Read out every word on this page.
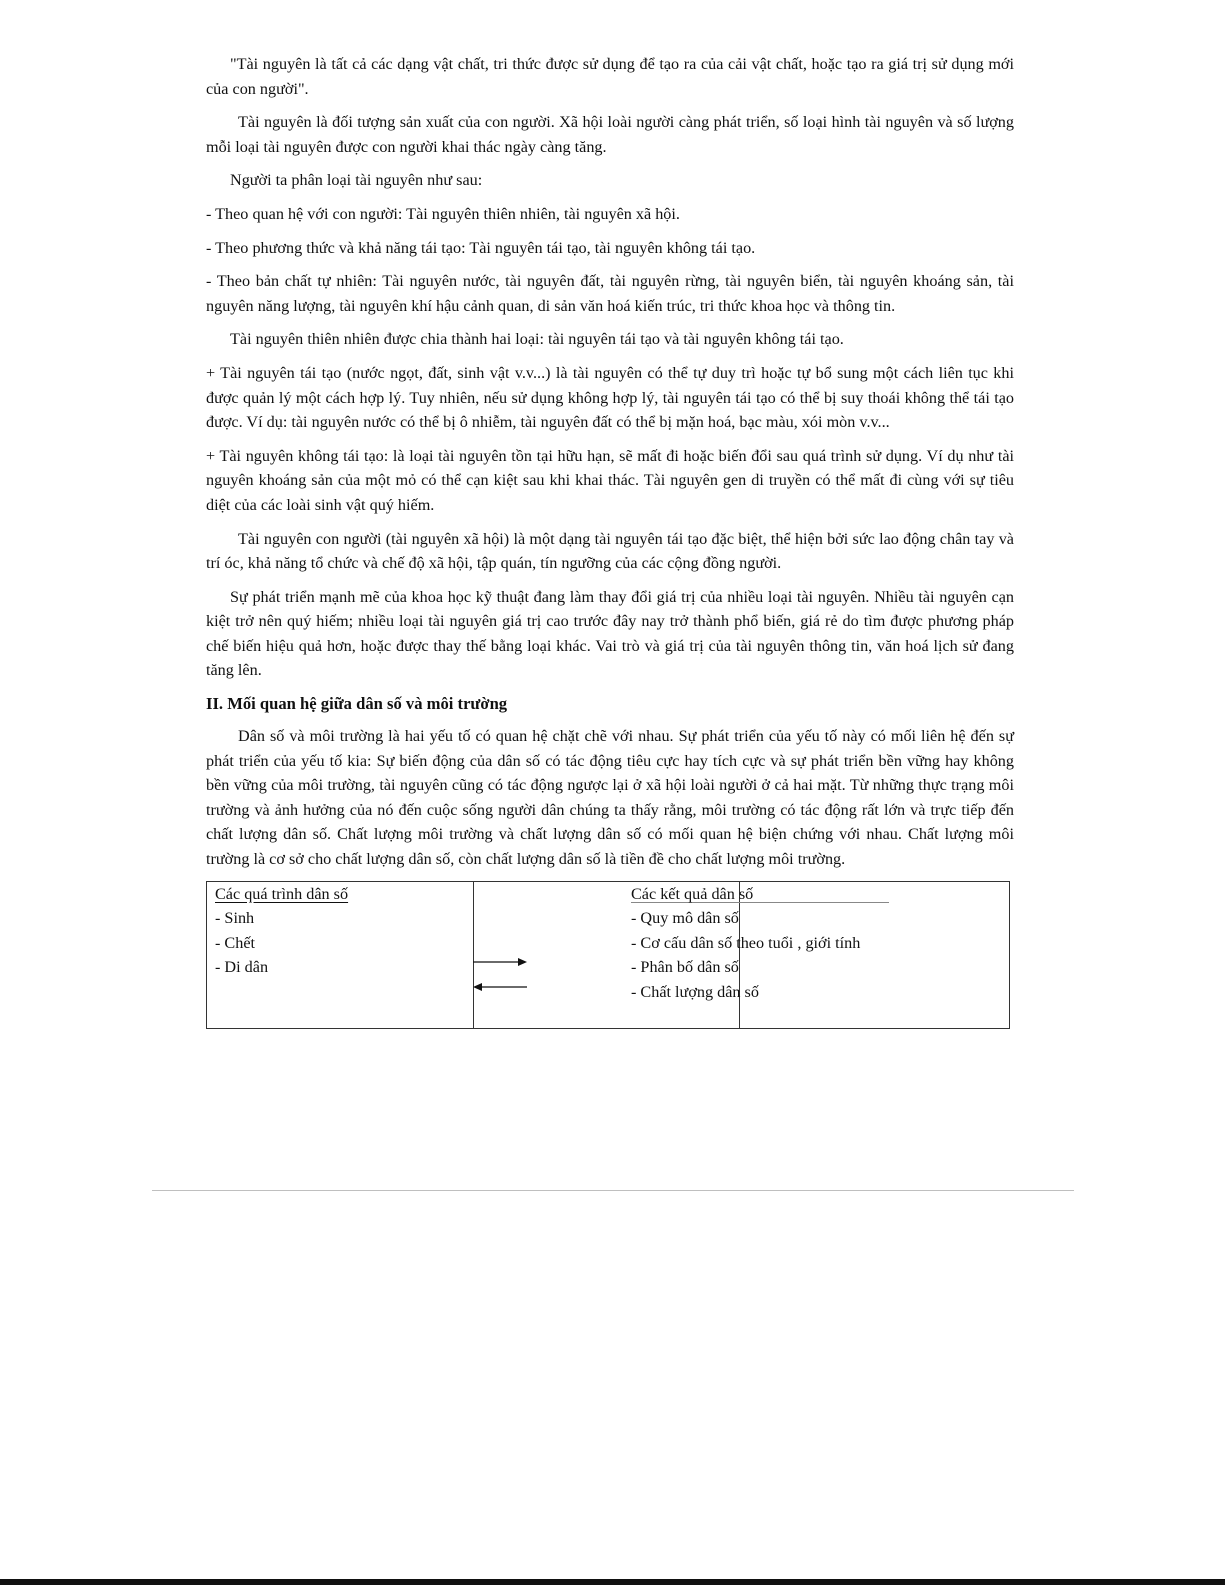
"Tài nguyên là tất cả các dạng vật chất, tri thức được sử dụng để tạo ra của cải vật chất, hoặc tạo ra giá trị sử dụng mới của con người".

Tài nguyên là đối tượng sản xuất của con người. Xã hội loài người càng phát triển, số loại hình tài nguyên và số lượng mỗi loại tài nguyên được con người khai thác ngày càng tăng.

Người ta phân loại tài nguyên như sau:

- Theo quan hệ với con người: Tài nguyên thiên nhiên, tài nguyên xã hội.

- Theo phương thức và khả năng tái tạo: Tài nguyên tái tạo, tài nguyên không tái tạo.

- Theo bản chất tự nhiên: Tài nguyên nước, tài nguyên đất, tài nguyên rừng, tài nguyên biển, tài nguyên khoáng sản, tài nguyên năng lượng, tài nguyên khí hậu cảnh quan, di sản văn hoá kiến trúc, tri thức khoa học và thông tin.

Tài nguyên thiên nhiên được chia thành hai loại: tài nguyên tái tạo và tài nguyên không tái tạo.

+ Tài nguyên tái tạo (nước ngọt, đất, sinh vật v.v...) là tài nguyên có thể tự duy trì hoặc tự bổ sung một cách liên tục khi được quản lý một cách hợp lý. Tuy nhiên, nếu sử dụng không hợp lý, tài nguyên tái tạo có thể bị suy thoái không thể tái tạo được. Ví dụ: tài nguyên nước có thể bị ô nhiễm, tài nguyên đất có thể bị mặn hoá, bạc màu, xói mòn v.v...

+ Tài nguyên không tái tạo: là loại tài nguyên tồn tại hữu hạn, sẽ mất đi hoặc biến đổi sau quá trình sử dụng. Ví dụ như tài nguyên khoáng sản của một mỏ có thể cạn kiệt sau khi khai thác. Tài nguyên gen di truyền có thể mất đi cùng với sự tiêu diệt của các loài sinh vật quý hiếm.

Tài nguyên con người (tài nguyên xã hội) là một dạng tài nguyên tái tạo đặc biệt, thể hiện bởi sức lao động chân tay và trí óc, khả năng tổ chức và chế độ xã hội, tập quán, tín ngưỡng của các cộng đồng người.

Sự phát triển mạnh mẽ của khoa học kỹ thuật đang làm thay đổi giá trị của nhiều loại tài nguyên. Nhiều tài nguyên cạn kiệt trở nên quý hiếm; nhiều loại tài nguyên giá trị cao trước đây nay trở thành phổ biến, giá rẻ do tìm được phương pháp chế biến hiệu quả hơn, hoặc được thay thế bằng loại khác. Vai trò và giá trị của tài nguyên thông tin, văn hoá lịch sử đang tăng lên.

II. Mối quan hệ giữa dân số và môi trường

Dân số và môi trường là hai yếu tố có quan hệ chặt chẽ với nhau. Sự phát triển của yếu tố này có mối liên hệ đến sự phát triển của yếu tố kia: Sự biến động của dân số có tác động tiêu cực hay tích cực và sự phát triển bền vững hay không bền vững của môi trường, tài nguyên cũng có tác động ngược lại ở xã hội loài người ở cả hai mặt. Từ những thực trạng môi trường và ảnh hưởng của nó đến cuộc sống người dân chúng ta thấy rằng, môi trường có tác động rất lớn và trực tiếp đến chất lượng dân số. Chất lượng môi trường và chất lượng dân số có mối quan hệ biện chứng với nhau. Chất lượng môi trường là cơ sở cho chất lượng dân số, còn chất lượng dân số là tiền đề cho chất lượng môi trường.

Các quá trình dân số
- Sinh
- Chết
- Di dân
Các kết quả dân số
- Quy mô dân số
- Cơ cấu dân số theo tuổi , giới tính
- Phân bố dân số
- Chất lượng dân số
